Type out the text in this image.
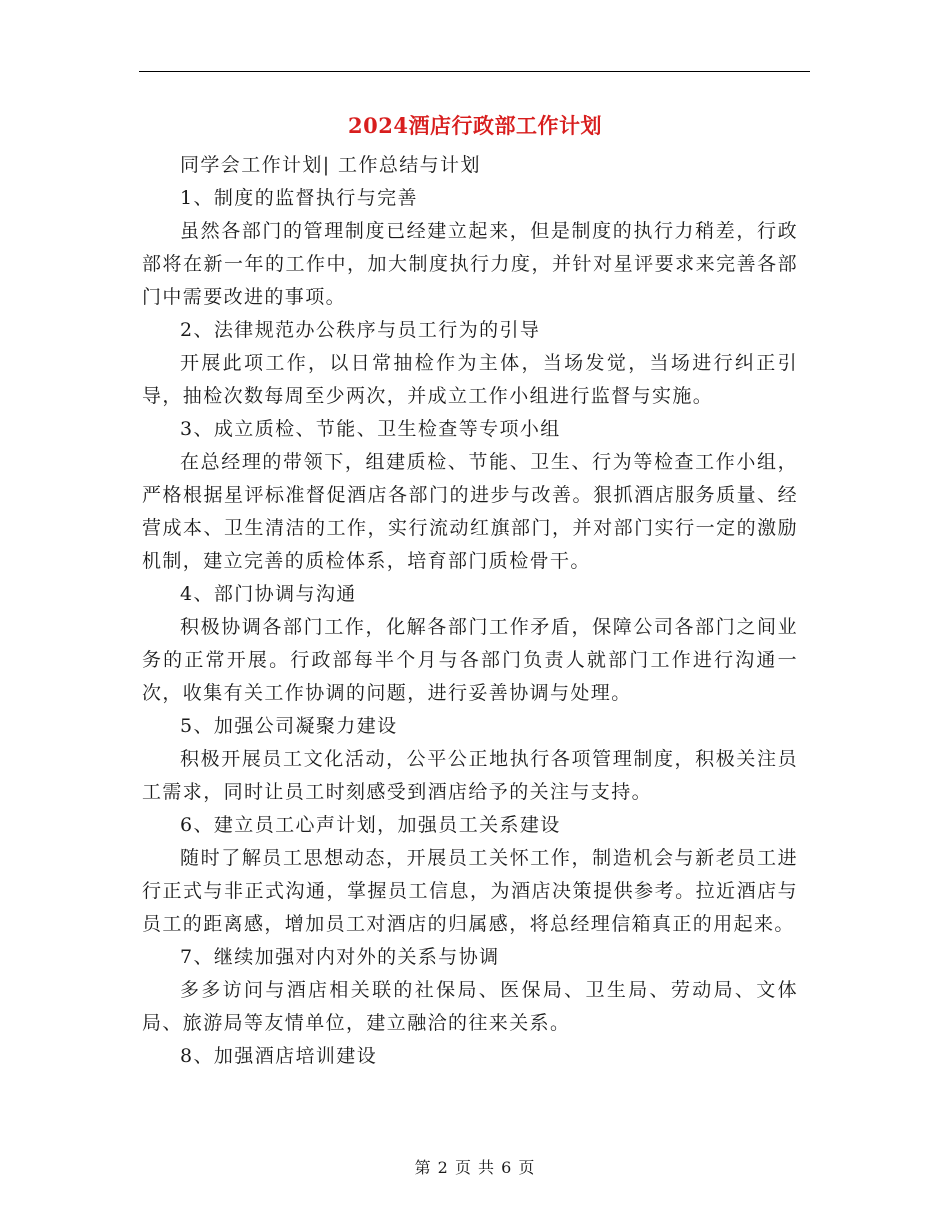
2024酒店行政部工作计划

同学会工作计划| 工作总结与计划

1、制度的监督执行与完善

虽然各部门的管理制度已经建立起来，但是制度的执行力稍差，行政部将在新一年的工作中，加大制度执行力度，并针对星评要求来完善各部门中需要改进的事项。

2、法律规范办公秩序与员工行为的引导

开展此项工作，以日常抽检作为主体，当场发觉，当场进行纠正引导，抽检次数每周至少两次，并成立工作小组进行监督与实施。

3、成立质检、节能、卫生检查等专项小组

在总经理的带领下，组建质检、节能、卫生、行为等检查工作小组，严格根据星评标准督促酒店各部门的进步与改善。狠抓酒店服务质量、经营成本、卫生清洁的工作，实行流动红旗部门，并对部门实行一定的激励机制，建立完善的质检体系，培育部门质检骨干。

4、部门协调与沟通

积极协调各部门工作，化解各部门工作矛盾，保障公司各部门之间业务的正常开展。行政部每半个月与各部门负责人就部门工作进行沟通一次，收集有关工作协调的问题，进行妥善协调与处理。

5、加强公司凝聚力建设

积极开展员工文化活动，公平公正地执行各项管理制度，积极关注员工需求，同时让员工时刻感受到酒店给予的关注与支持。

6、建立员工心声计划，加强员工关系建设

随时了解员工思想动态，开展员工关怀工作，制造机会与新老员工进行正式与非正式沟通，掌握员工信息，为酒店决策提供参考。拉近酒店与员工的距离感，增加员工对酒店的归属感，将总经理信箱真正的用起来。

7、继续加强对内对外的关系与协调

多多访问与酒店相关联的社保局、医保局、卫生局、劳动局、文体局、旅游局等友情单位，建立融洽的往来关系。

8、加强酒店培训建设

第 2 页 共 6 页
